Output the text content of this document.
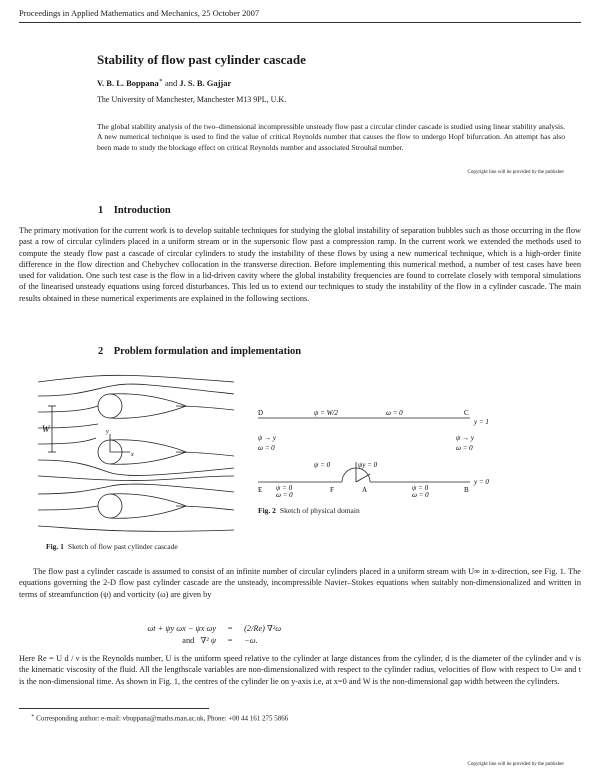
Proceedings in Applied Mathematics and Mechanics, 25 October 2007
Stability of flow past cylinder cascade
V. B. L. Boppana∗ and J. S. B. Gajjar
The University of Manchester, Manchester M13 9PL, U.K.
The global stability analysis of the two–dimensional incompressible unsteady flow past a circular clinder cascade is studied using linear stability analysis. A new numerical technique is used to find the value of critical Reynolds number that causes the flow to undergo Hopf bifurcation. An attempt has also been made to study the blockage effect on critical Reynolds number and associated Strouhal number.
Copyright line will be provided by the publisher
1 Introduction
The primary motivation for the current work is to develop suitable techniques for studying the global instability of separation bubbles such as those occurring in the flow past a row of circular cylinders placed in a uniform stream or in the supersonic flow past a compression ramp. In the current work we extended the methods used to compute the steady flow past a cascade of circular cylinders to study the instability of these flows by using a new numerical technique, which is a high-order finite difference in the flow direction and Chebychev collocation in the transverse direction. Before implementing this numerical method, a number of test cases have been used for validation. One such test case is the flow in a lid-driven cavity where the global instability frequencies are found to correlate closely with temporal simulations of the linearised unsteady equations using forced disturbances. This led us to extend our techniques to study the instability of the flow in a cylinder cascade. The main results obtained in these numerical experiments are explained in the following sections.
2 Problem formulation and implementation
W
x
y
Fig. 1 Sketch of flow past cylinder cascade
D	C
E	F	A	B
ψ = W/2	ω = 0
y = 1
y = 0
ψ → y
ω = 0
ψ → y
ω = 0
ψ = 0	ψy = 0
ψ = 0
ω = 0
ψ = 0
ω = 0
Fig. 2 Sketch of physical domain
The flow past a cylinder cascade is assumed to consist of an infinite number of circular cylinders placed in a uniform stream with U∞ in x-direction, see Fig. 1. The equations governing the 2-D flow past cylinder cascade are the unsteady, incompressible Navier–Stokes equations when suitably non-dimensionalized and written in terms of streamfunction (ψ) and vorticity (ω) are given by
ωt + ψy ωx − ψx ωy = (2/Re) ∇²ω
and ∇² ψ = −ω.
Here Re = U d / ν is the Reynolds number, U is the uniform speed relative to the cylinder at large distances from the cylinder, d is the diameter of the cylinder and ν is the kinematic viscosity of the fluid. All the lengthscale variables are non-dimensionalized with respect to the cylinder radius, velocities of flow with respect to U∞ and t is the non-dimensional time. As shown in Fig. 1, the centres of the cylinder lie on y-axis i.e, at x=0 and W is the non-dimensional gap width between the cylinders.
∗ Corresponding author: e-mail: vboppana@maths.man.ac.uk, Phone: +00 44 161 275 5866
Copyright line will be provided by the publisher
